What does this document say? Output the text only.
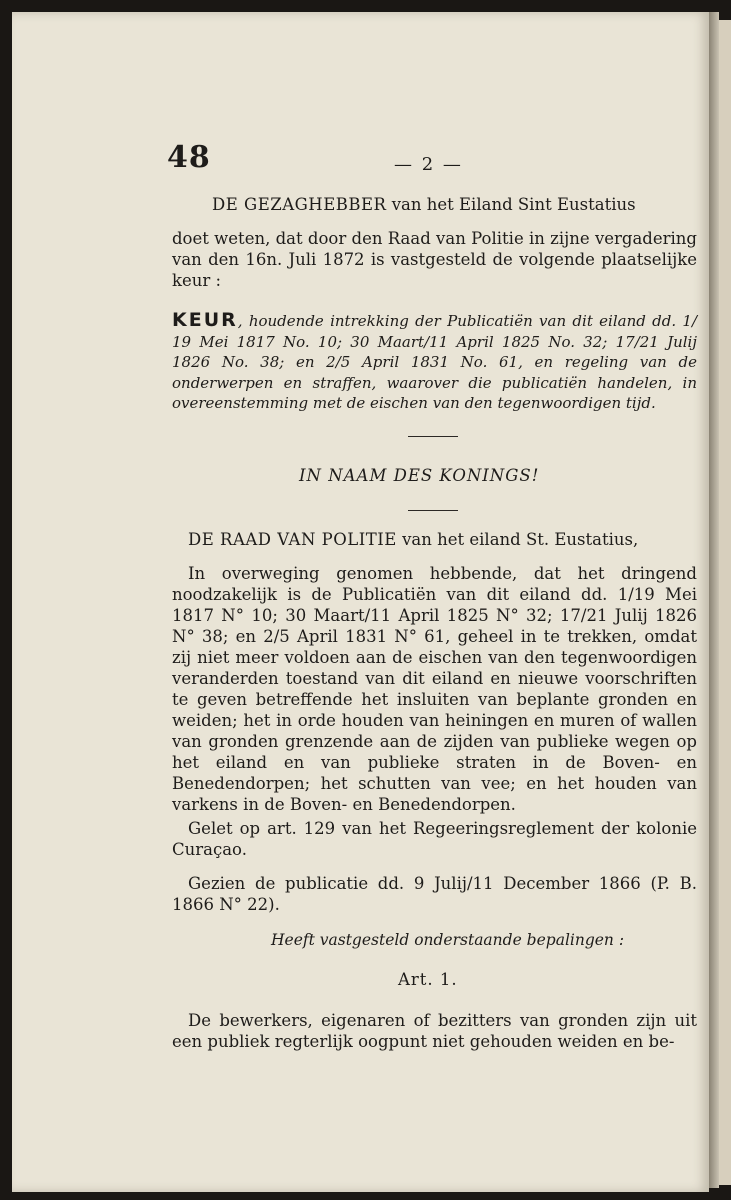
48	— 2 —
DE GEZAGHEBBER van het Eiland Sint Eustatius

doet weten, dat door den Raad van Politie in zijne vergadering van den 16n. Juli 1872 is vastgesteld de volgende plaatselijke keur :

KEUR, houdende intrekking der Publicatiën van dit eiland dd. 1/ 19 Mei 1817 No. 10; 30 Maart/11 April 1825 No. 32; 17/21 Julij 1826 No. 38; en 2/5 April 1831 No. 61, en regeling van de onderwerpen en straffen, waarover die publicatiën handelen, in overeenstemming met de eischen van den tegenwoordigen tijd.

IN NAAM DES KONINGS!
DE RAAD VAN POLITIE van het eiland St. Eustatius,

In overweging genomen hebbende, dat het dringend noodzakelijk is de Publicatiën van dit eiland dd. 1/19 Mei 1817 N° 10; 30 Maart/11 April 1825 N° 32; 17/21 Julij 1826 N° 38; en 2/5 April 1831 N° 61, geheel in te trekken, omdat zij niet meer voldoen aan de eischen van den tegenwoordigen veranderden toestand van dit eiland en nieuwe voorschriften te geven betreffende het insluiten van beplante gronden en weiden; het in orde houden van heiningen en muren of wallen van gronden grenzende aan de zijden van publieke wegen op het eiland en van publieke straten in de Boven- en Benedendorpen; het schutten van vee; en het houden van varkens in de Boven- en Benedendorpen.

Gelet op art. 129 van het Regeeringsreglement der kolonie Curaçao.

Gezien de publicatie dd. 9 Julij/11 December 1866 (P. B. 1866 N° 22).

Heeft vastgesteld onderstaande bepalingen :
Art. 1.

De bewerkers, eigenaren of bezitters van gronden zijn uit een publiek regterlijk oogpunt niet gehouden weiden en be-
